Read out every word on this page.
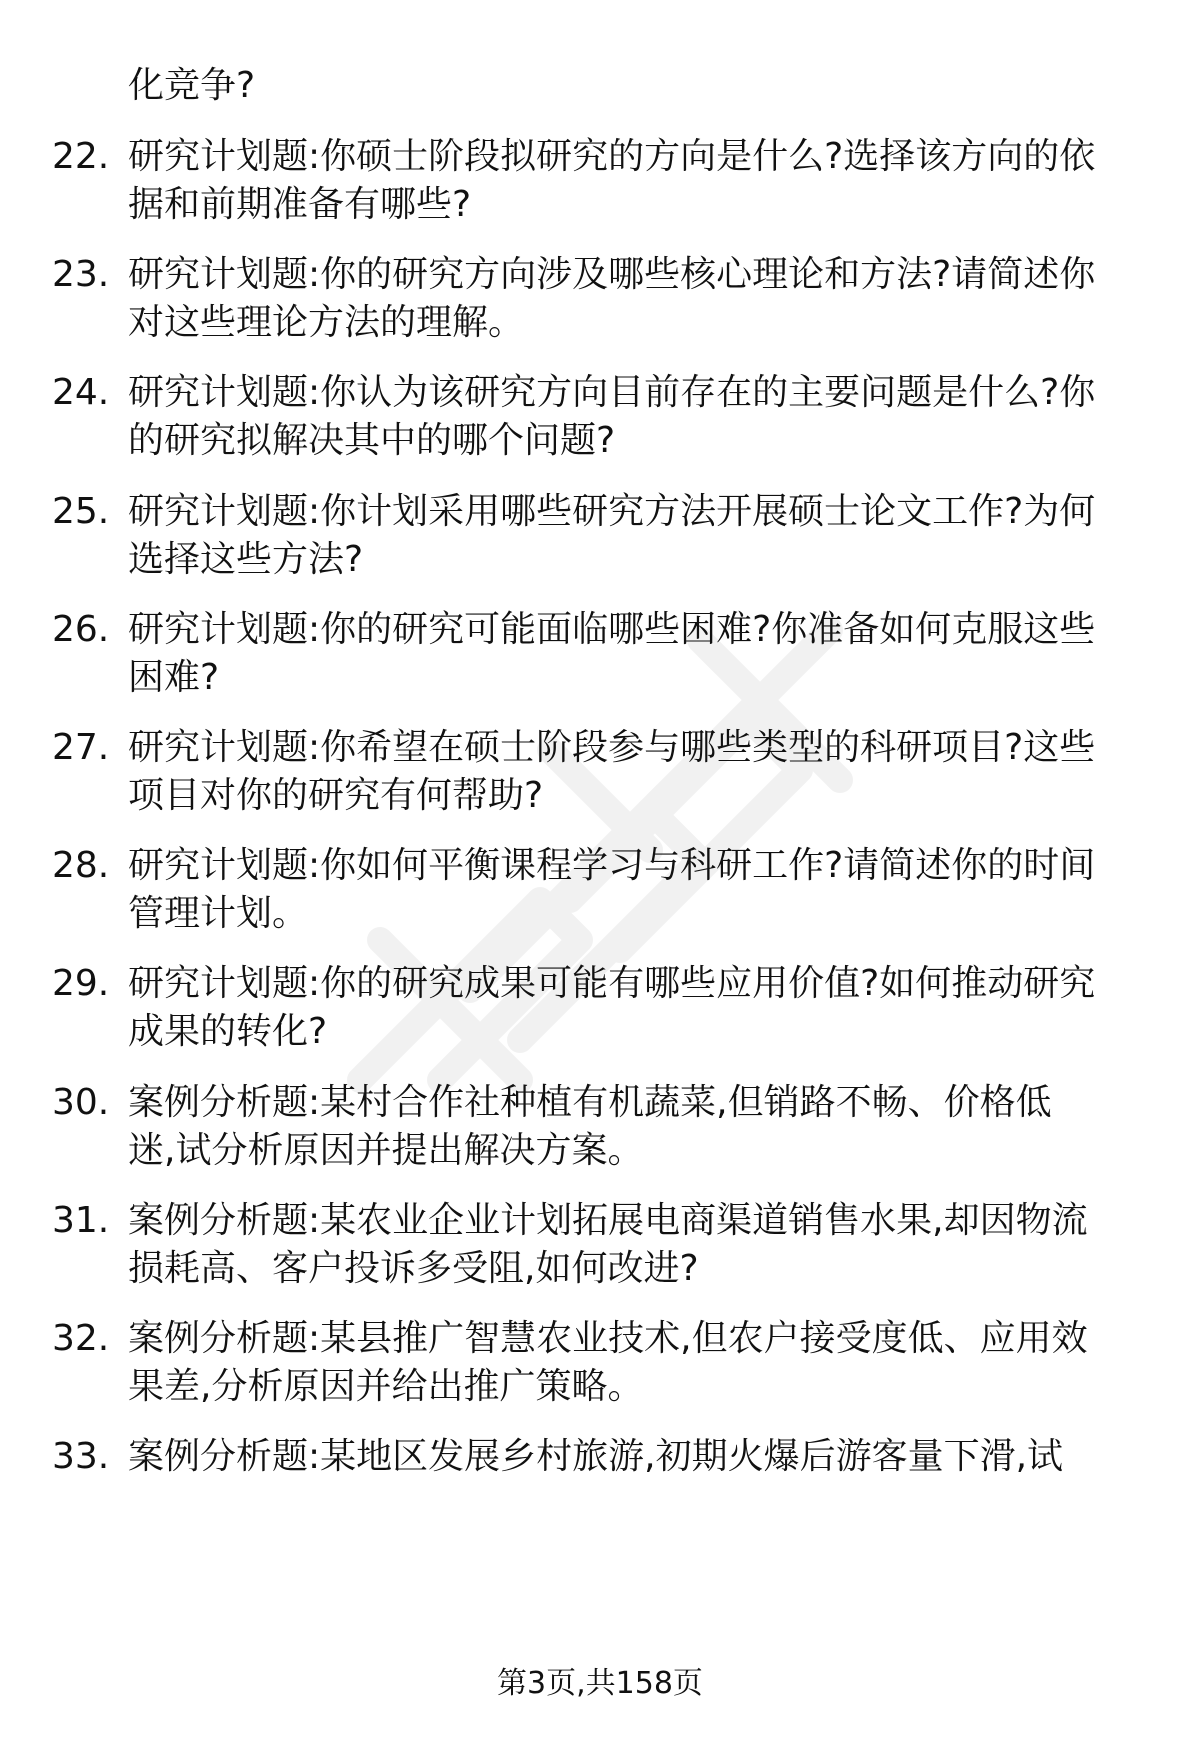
化竞争?
22. 研究计划题:你硕士阶段拟研究的方向是什么?选择该方向的依
据和前期准备有哪些?
23. 研究计划题:你的研究方向涉及哪些核心理论和方法?请简述你
对这些理论方法的理解。
24. 研究计划题:你认为该研究方向目前存在的主要问题是什么?你
的研究拟解决其中的哪个问题?
25. 研究计划题:你计划采用哪些研究方法开展硕士论文工作?为何
选择这些方法?
26. 研究计划题:你的研究可能面临哪些困难?你准备如何克服这些
困难?
27. 研究计划题:你希望在硕士阶段参与哪些类型的科研项目?这些
项目对你的研究有何帮助?
28. 研究计划题:你如何平衡课程学习与科研工作?请简述你的时间
管理计划。
29. 研究计划题:你的研究成果可能有哪些应用价值?如何推动研究
成果的转化?
30. 案例分析题:某村合作社种植有机蔬菜,但销路不畅、价格低
迷,试分析原因并提出解决方案。
31. 案例分析题:某农业企业计划拓展电商渠道销售水果,却因物流
损耗高、客户投诉多受阻,如何改进?
32. 案例分析题:某县推广智慧农业技术,但农户接受度低、应用效
果差,分析原因并给出推广策略。
33. 案例分析题:某地区发展乡村旅游,初期火爆后游客量下滑,试
第3页,共158页
